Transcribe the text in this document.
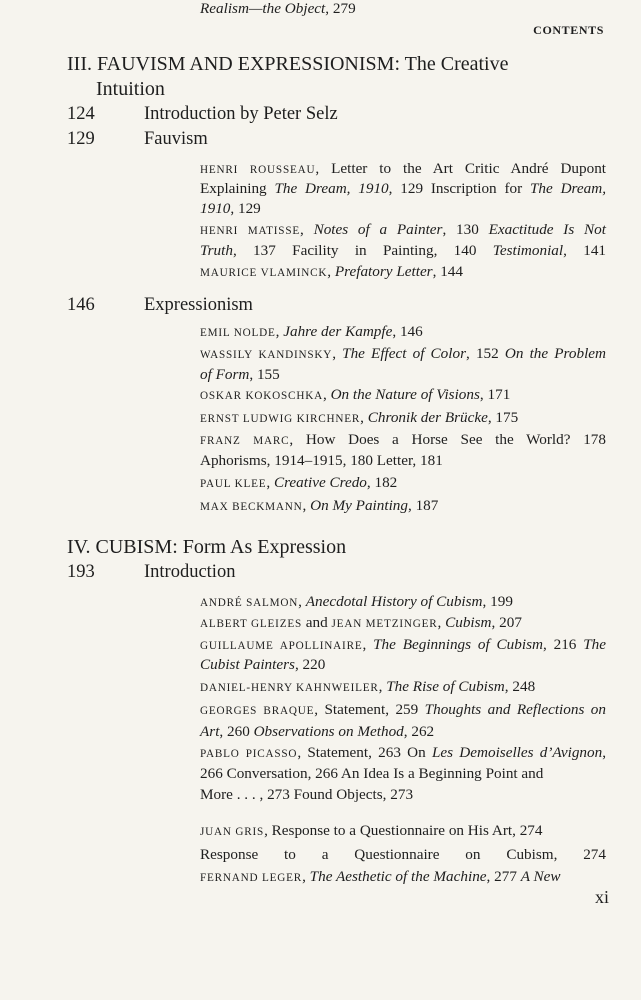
CONTENTS
III. FAUVISM AND EXPRESSIONISM: The Creative
Intuition
124	Introduction by Peter Selz
129	Fauvism
146	Expressionism
IV. CUBISM: Form As Expression
193	Introduction
HENRI ROUSSEAU, Letter to the Art Critic André Dupont
Explaining The Dream, 1910, 129 Inscription for The Dream,
1910, 129
HENRI MATISSE, Notes of a Painter, 130 Exactitude Is Not
Truth, 137 Facility in Painting, 140 Testimonial, 141
MAURICE VLAMINCK, Prefatory Letter, 144
EMIL NOLDE, Jahre der Kampfe, 146
WASSILY KANDINSKY, The Effect of Color, 152 On the Problem
of Form, 155
OSKAR KOKOSCHKA, On the Nature of Visions, 171
ERNST LUDWIG KIRCHNER, Chronik der Brücke, 175
FRANZ MARC, How Does a Horse See the World? 178
Aphorisms, 1914–1915, 180 Letter, 181
PAUL KLEE, Creative Credo, 182
MAX BECKMANN, On My Painting, 187
ANDRÉ SALMON, Anecdotal History of Cubism, 199
ALBERT GLEIZES and JEAN METZINGER, Cubism, 207
GUILLAUME APOLLINAIRE, The Beginnings of Cubism, 216 The
Cubist Painters, 220
DANIEL-HENRY KAHNWEILER, The Rise of Cubism, 248
GEORGES BRAQUE, Statement, 259 Thoughts and Reflections on
Art, 260 Observations on Method, 262
PABLO PICASSO, Statement, 263 On Les Demoiselles d’Avignon,
266 Conversation, 266 An Idea Is a Beginning Point and
More . . . , 273 Found Objects, 273
JUAN GRIS, Response to a Questionnaire on His Art, 274
Response to a Questionnaire on Cubism, 274
FERNAND LEGER, The Aesthetic of the Machine, 277 A New
Realism—the Object, 279
xi
